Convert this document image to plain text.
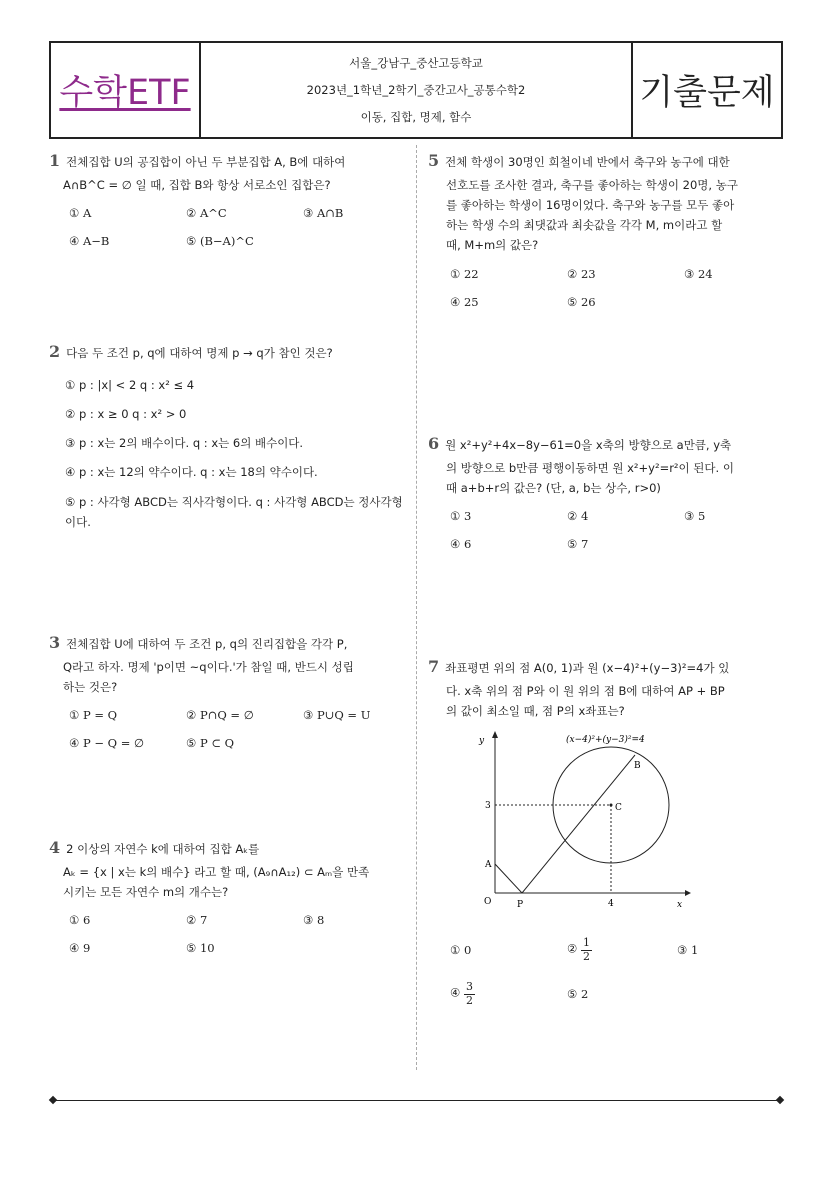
수학ETF
서울_강남구_중산고등학교
2023년_1학년_2학기_중간고사_공통수학2
이동, 집합, 명제, 함수
기출문제
1 전체집합 U의 공집합이 아닌 두 부분집합 A, B에 대하여
A∩B^C = ∅ 일 때, 집합 B와 항상 서로소인 집합은?
① A	② A^C	③ A∩B
④ A−B	⑤ (B−A)^C
2 다음 두 조건 p, q에 대하여 명제 p → q가 참인 것은?
① p : |x| < 2 q : x² ≤ 4
② p : x ≥ 0 q : x² > 0
③ p : x는 2의 배수이다. q : x는 6의 배수이다.
④ p : x는 12의 약수이다. q : x는 18의 약수이다.
⑤ p : 사각형 ABCD는 직사각형이다. q : 사각형 ABCD는 정사각형이다.
3 전체집합 U에 대하여 두 조건 p, q의 진리집합을 각각 P,
Q라고 하자. 명제 'p이면 ~q이다.'가 참일 때, 반드시 성립
하는 것은?
① P = Q	② P∩Q = ∅	③ P∪Q = U
④ P − Q = ∅	⑤ P ⊂ Q
4 2 이상의 자연수 k에 대하여 집합 Aₖ를
Aₖ = {x | x는 k의 배수} 라고 할 때, (A₉∩A₁₂) ⊂ Aₘ을 만족
시키는 모든 자연수 m의 개수는?
① 6	② 7	③ 8
④ 9	⑤ 10
5 전체 학생이 30명인 희철이네 반에서 축구와 농구에 대한
선호도를 조사한 결과, 축구를 좋아하는 학생이 20명, 농구
를 좋아하는 학생이 16명이었다. 축구와 농구를 모두 좋아
하는 학생 수의 최댓값과 최솟값을 각각 M, m이라고 할
때, M+m의 값은?
① 22	② 23	③ 24
④ 25	⑤ 26
6 원 x²+y²+4x−8y−61=0을 x축의 방향으로 a만큼, y축
의 방향으로 b만큼 평행이동하면 원 x²+y²=r²이 된다. 이
때 a+b+r의 값은? (단, a, b는 상수, r>0)
① 3	② 4	③ 5
④ 6	⑤ 7
7 좌표평면 위의 점 A(0, 1)과 원 (x−4)²+(y−3)²=4가 있
다. x축 위의 점 P와 이 원 위의 점 B에 대하여 AP + BP
의 값이 최소일 때, 점 P의 x좌표는?
(x−4)²+(y−3)²=4
y
x
O
3
4
A
B
C
P
① 0	② $\frac{1}{2}$	③ 1
④ $\frac{3}{2}$	⑤ 2
